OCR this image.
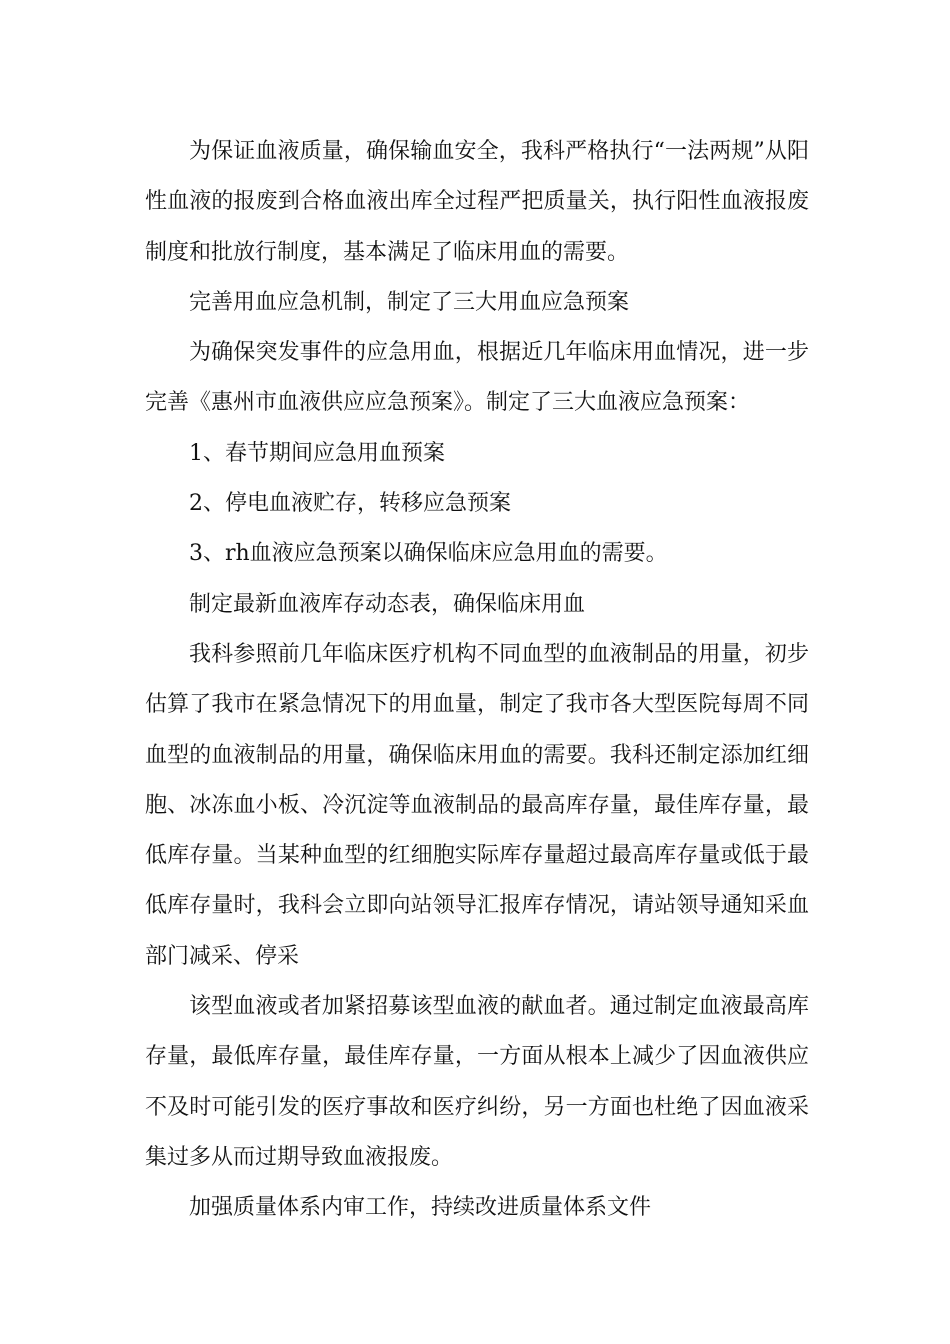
为保证血液质量，确保输血安全，我科严格执行“一法两规”从阳性血液的报废到合格血液出库全过程严把质量关，执行阳性血液报废制度和批放行制度，基本满足了临床用血的需要。

完善用血应急机制，制定了三大用血应急预案

为确保突发事件的应急用血，根据近几年临床用血情况，进一步完善《惠州市血液供应应急预案》。制定了三大血液应急预案：

1、春节期间应急用血预案

2、停电血液贮存，转移应急预案

3、rh血液应急预案以确保临床应急用血的需要。

制定最新血液库存动态表，确保临床用血

我科参照前几年临床医疗机构不同血型的血液制品的用量，初步估算了我市在紧急情况下的用血量，制定了我市各大型医院每周不同血型的血液制品的用量，确保临床用血的需要。我科还制定添加红细胞、冰冻血小板、冷沉淀等血液制品的最高库存量，最佳库存量，最低库存量。当某种血型的红细胞实际库存量超过最高库存量或低于最低库存量时，我科会立即向站领导汇报库存情况，请站领导通知采血部门减采、停采

该型血液或者加紧招募该型血液的献血者。通过制定血液最高库存量，最低库存量，最佳库存量，一方面从根本上减少了因血液供应不及时可能引发的医疗事故和医疗纠纷，另一方面也杜绝了因血液采集过多从而过期导致血液报废。

加强质量体系内审工作，持续改进质量体系文件
